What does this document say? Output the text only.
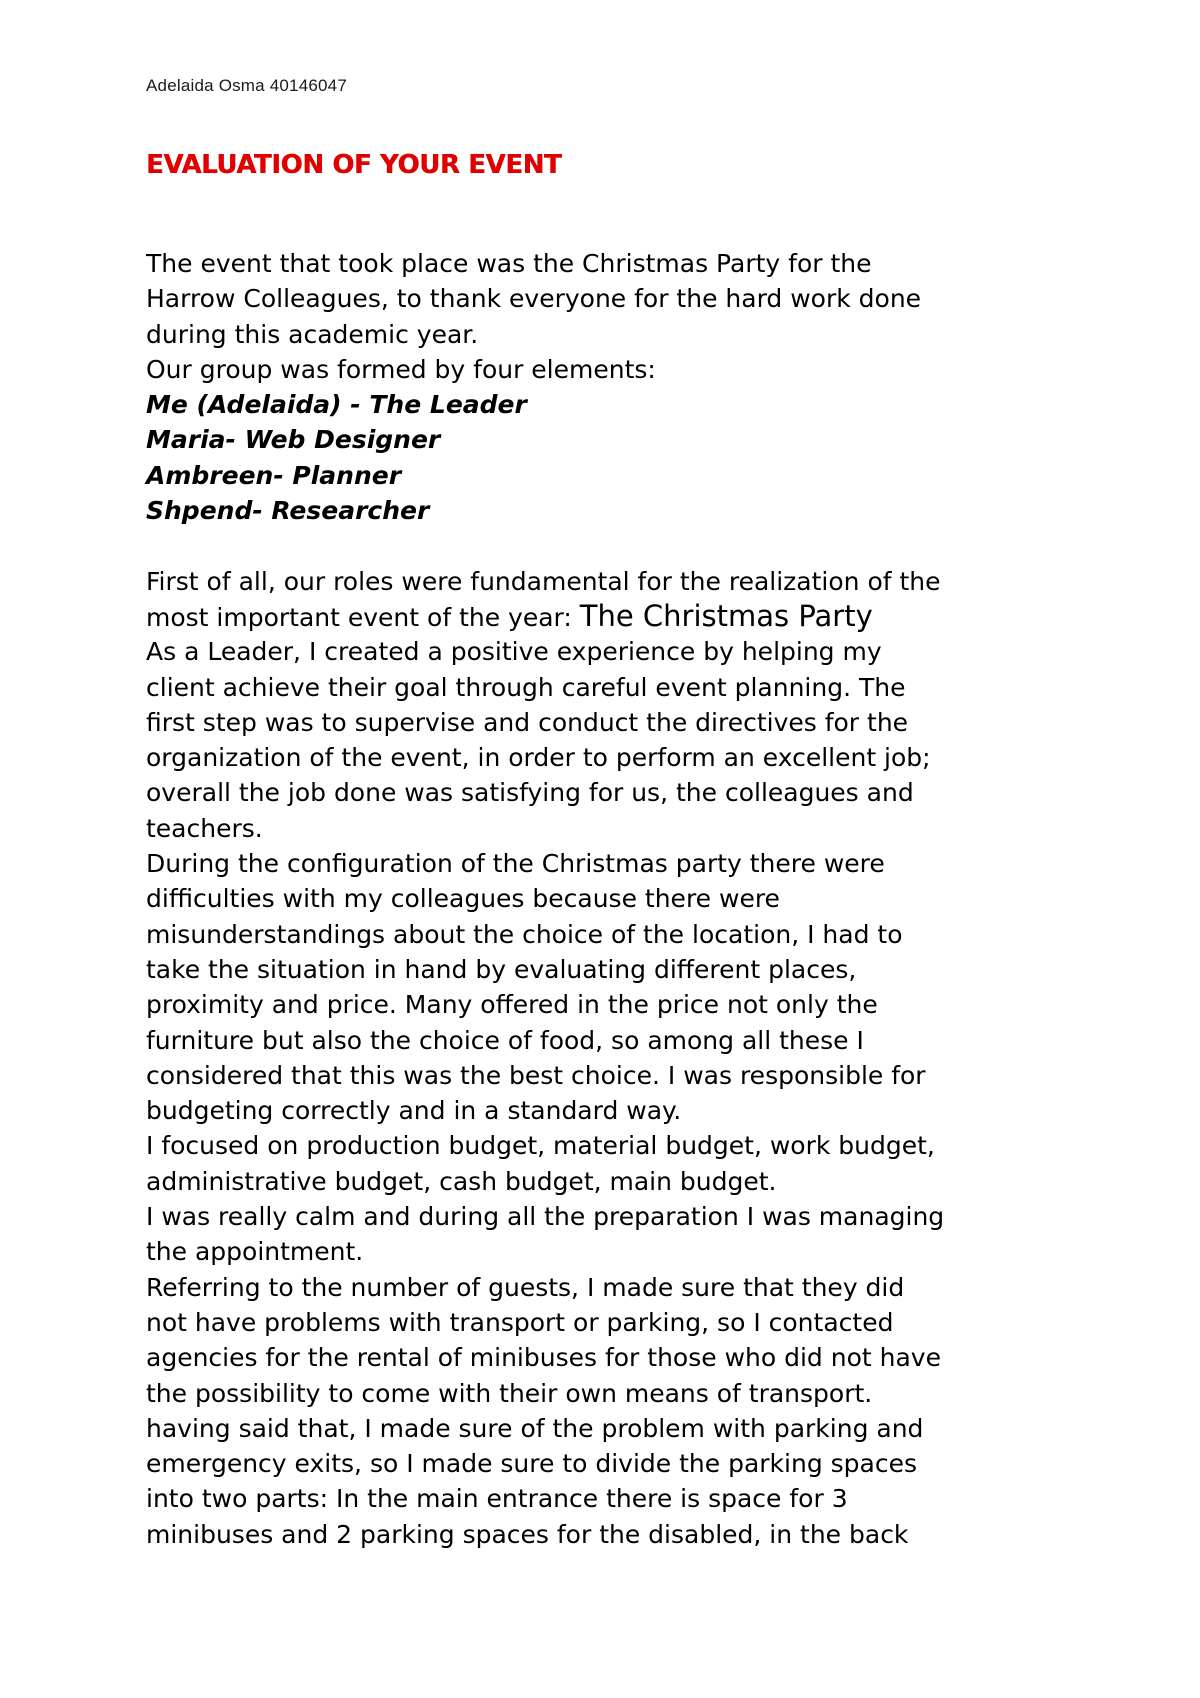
Adelaida Osma 40146047
EVALUATION OF YOUR EVENT
The event that took place was the Christmas Party for the
Harrow Colleagues, to thank everyone for the hard work done
during this academic year.
Our group was formed by four elements:
Me (Adelaida) - The Leader
Maria- Web Designer
Ambreen- Planner
Shpend- Researcher
First of all, our roles were fundamental for the realization of the
most important event of the year: The Christmas Party
As a Leader, I created a positive experience by helping my
client achieve their goal through careful event planning. The
first step was to supervise and conduct the directives for the
organization of the event, in order to perform an excellent job;
overall the job done was satisfying for us, the colleagues and
teachers.
During the configuration of the Christmas party there were
difficulties with my colleagues because there were
misunderstandings about the choice of the location, I had to
take the situation in hand by evaluating different places,
proximity and price. Many offered in the price not only the
furniture but also the choice of food, so among all these I
considered that this was the best choice. I was responsible for
budgeting correctly and in a standard way.
I focused on production budget, material budget, work budget,
administrative budget, cash budget, main budget.
I was really calm and during all the preparation I was managing
the appointment.
Referring to the number of guests, I made sure that they did
not have problems with transport or parking, so I contacted
agencies for the rental of minibuses for those who did not have
the possibility to come with their own means of transport.
having said that, I made sure of the problem with parking and
emergency exits, so I made sure to divide the parking spaces
into two parts: In the main entrance there is space for 3
minibuses and 2 parking spaces for the disabled, in the back
